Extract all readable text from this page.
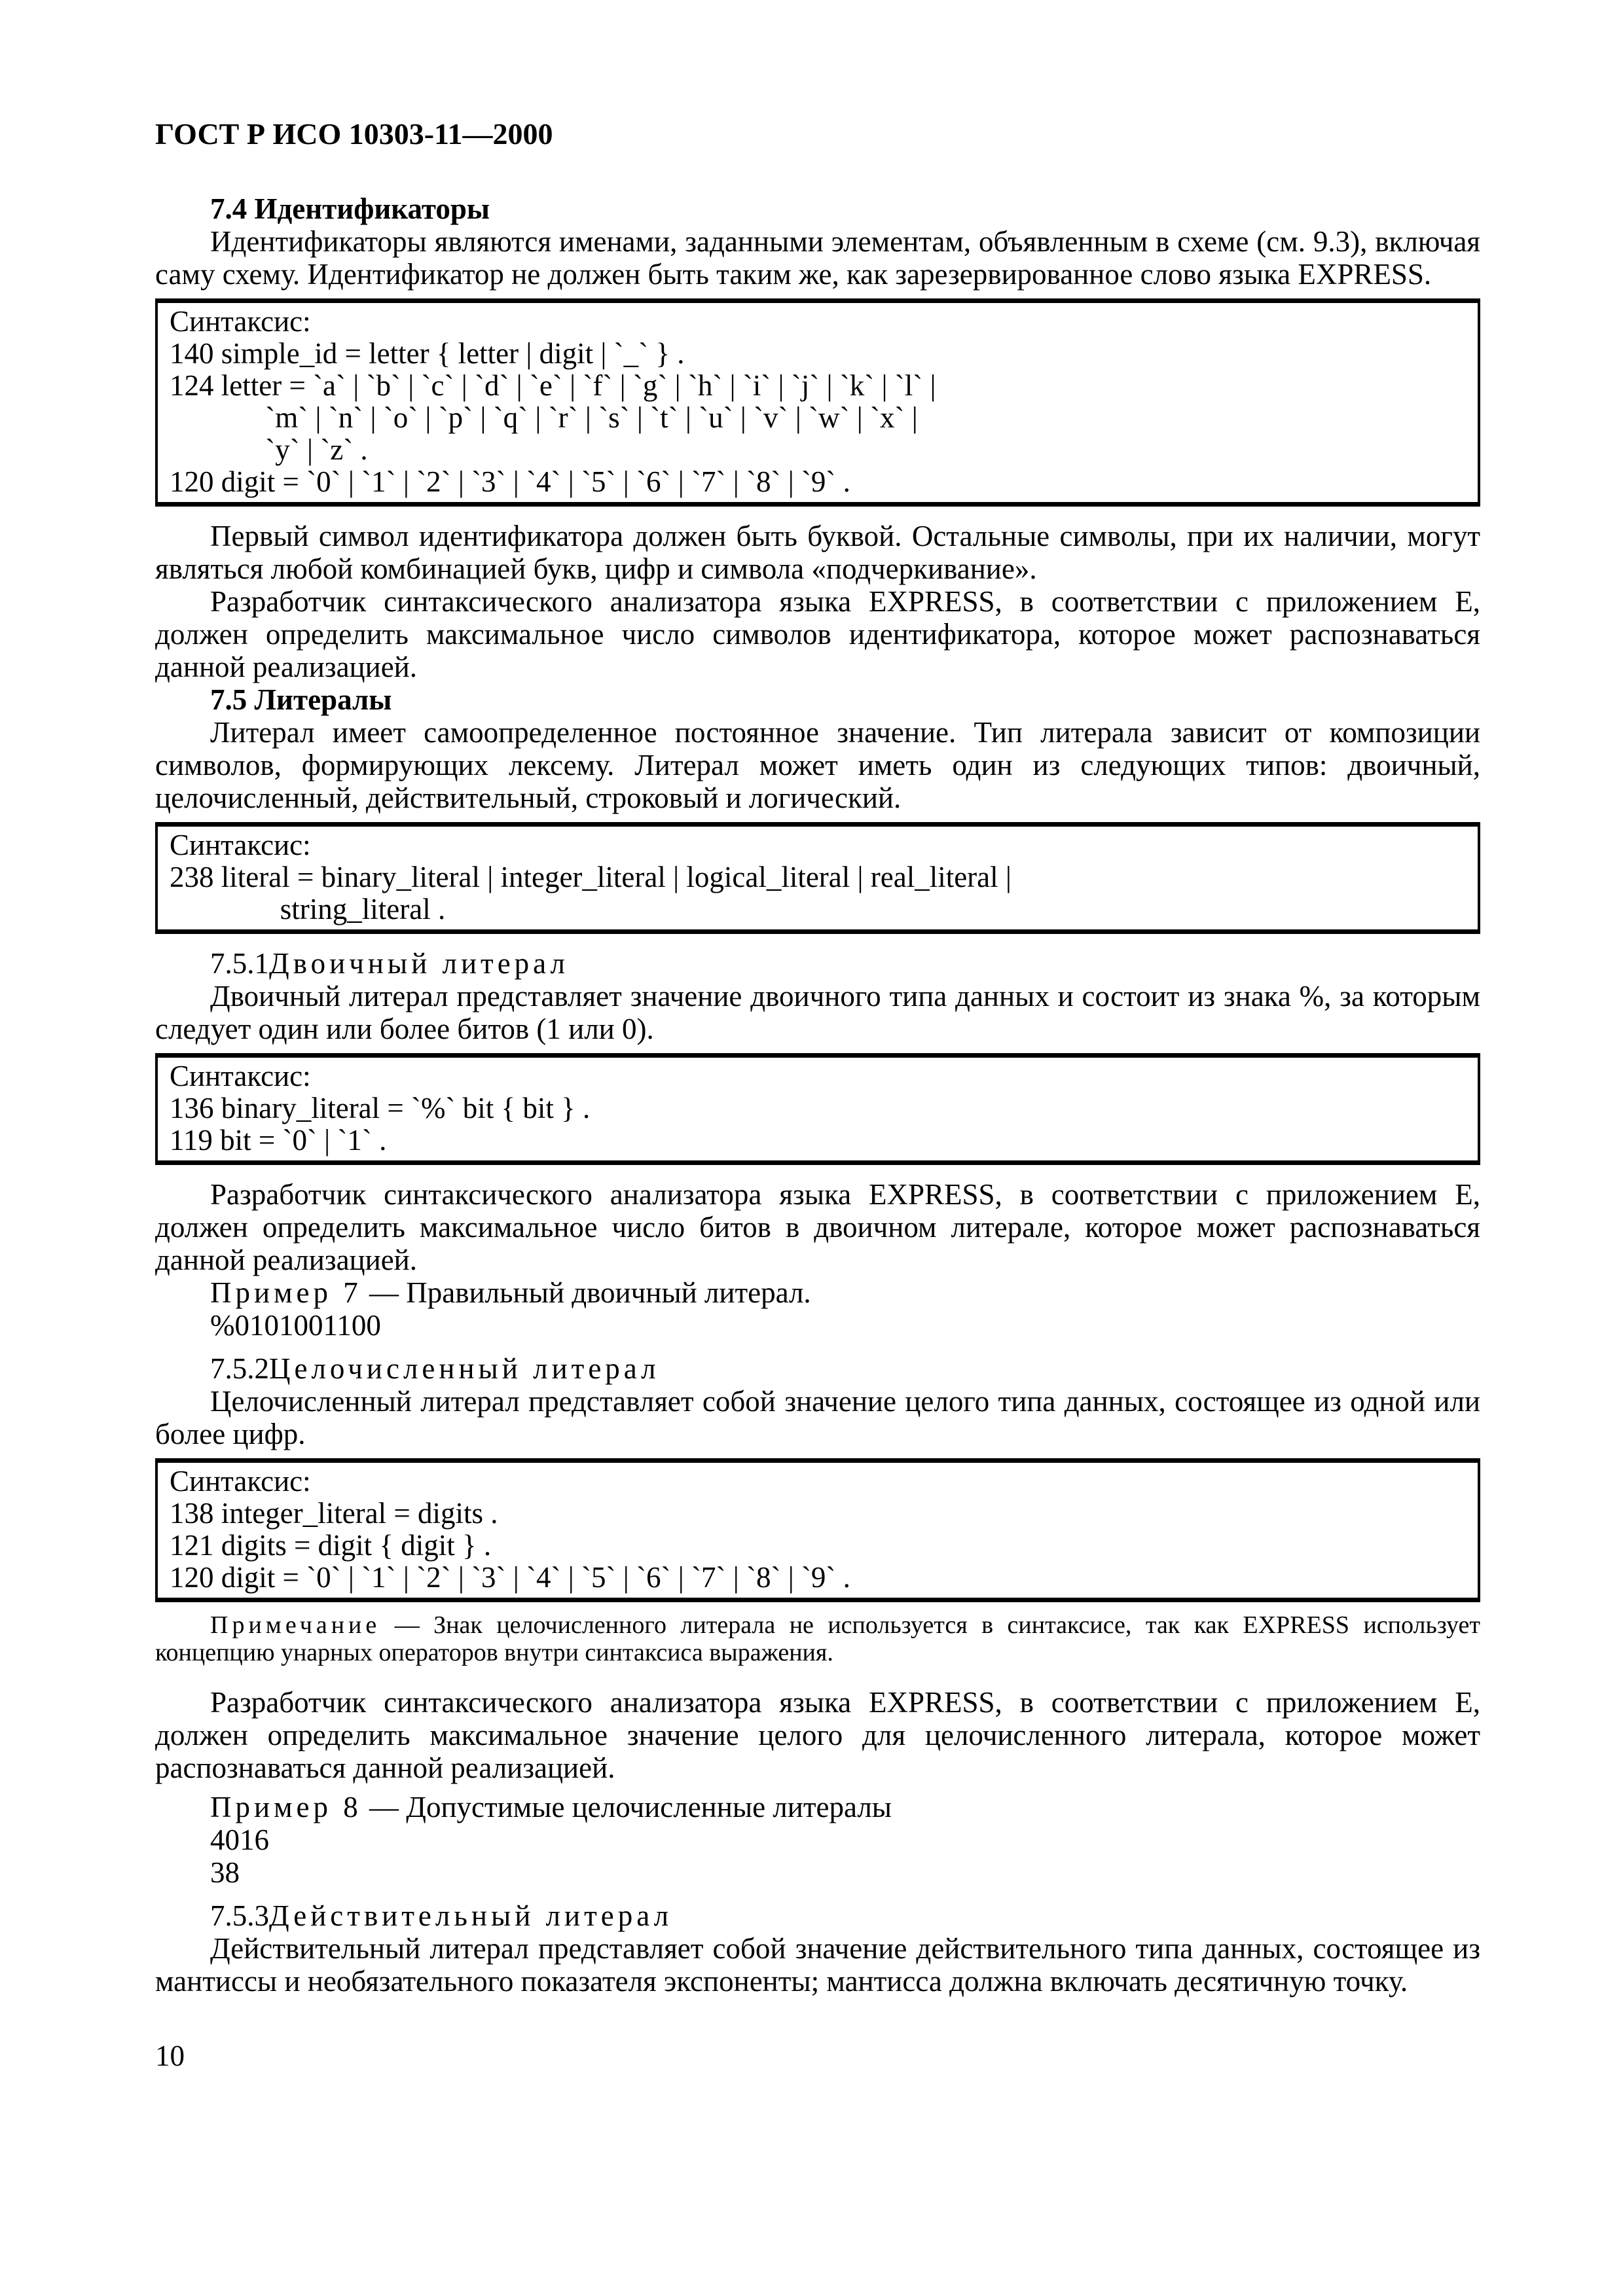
ГОСТ Р ИСО 10303-11—2000
7.4 Идентификаторы

Идентификаторы являются именами, заданными элементам, объявленным в схеме (см. 9.3), включая саму схему. Идентификатор не должен быть таким же, как зарезервированное слово языка EXPRESS.

Синтаксис:
140 simple_id = letter { letter | digit | `_` } .
124 letter = `a` | `b` | `c` | `d` | `e` | `f` | `g` | `h` | `i` | `j` | `k` | `l` |
`m` | `n` | `o` | `p` | `q` | `r` | `s` | `t` | `u` | `v` | `w` | `x` |
`y` | `z` .
120 digit = `0` | `1` | `2` | `3` | `4` | `5` | `6` | `7` | `8` | `9` .

Первый символ идентификатора должен быть буквой. Остальные символы, при их наличии, могут являться любой комбинацией букв, цифр и символа «подчеркивание».

Разработчик синтаксического анализатора языка EXPRESS, в соответствии с приложением Е, должен определить максимальное число символов идентификатора, которое может распознаваться данной реализацией.

7.5 Литералы

Литерал имеет самоопределенное постоянное значение. Тип литерала зависит от композиции символов, формирующих лексему. Литерал может иметь один из следующих типов: двоичный, целочисленный, действительный, строковый и логический.

Синтаксис:
238 literal = binary_literal | integer_literal | logical_literal | real_literal |
string_literal .
7.5.1Двоичный литерал

Двоичный литерал представляет значение двоичного типа данных и состоит из знака %, за которым следует один или более битов (1 или 0).

Синтаксис:
136 binary_literal = `%` bit { bit } .
119 bit = `0` | `1` .

Разработчик синтаксического анализатора языка EXPRESS, в соответствии с приложением Е, должен определить максимальное число битов в двоичном литерале, которое может распознаваться данной реализацией.

Пример 7 — Правильный двоичный литерал.
%0101001100
7.5.2Целочисленный литерал

Целочисленный литерал представляет собой значение целого типа данных, состоящее из одной или более цифр.

Синтаксис:
138 integer_literal = digits .
121 digits = digit { digit } .
120 digit = `0` | `1` | `2` | `3` | `4` | `5` | `6` | `7` | `8` | `9` .

Примечание — Знак целочисленного литерала не используется в синтаксисе, так как EXPRESS использует концепцию унарных операторов внутри синтаксиса выражения.

Разработчик синтаксического анализатора языка EXPRESS, в соответствии с приложением Е, должен определить максимальное значение целого для целочисленного литерала, которое может распознаваться данной реализацией.

Пример 8 — Допустимые целочисленные литералы
4016
38
7.5.3Действительный литерал

Действительный литерал представляет собой значение действительного типа данных, состоящее из мантиссы и необязательного показателя экспоненты; мантисса должна включать десятичную точку.

10
